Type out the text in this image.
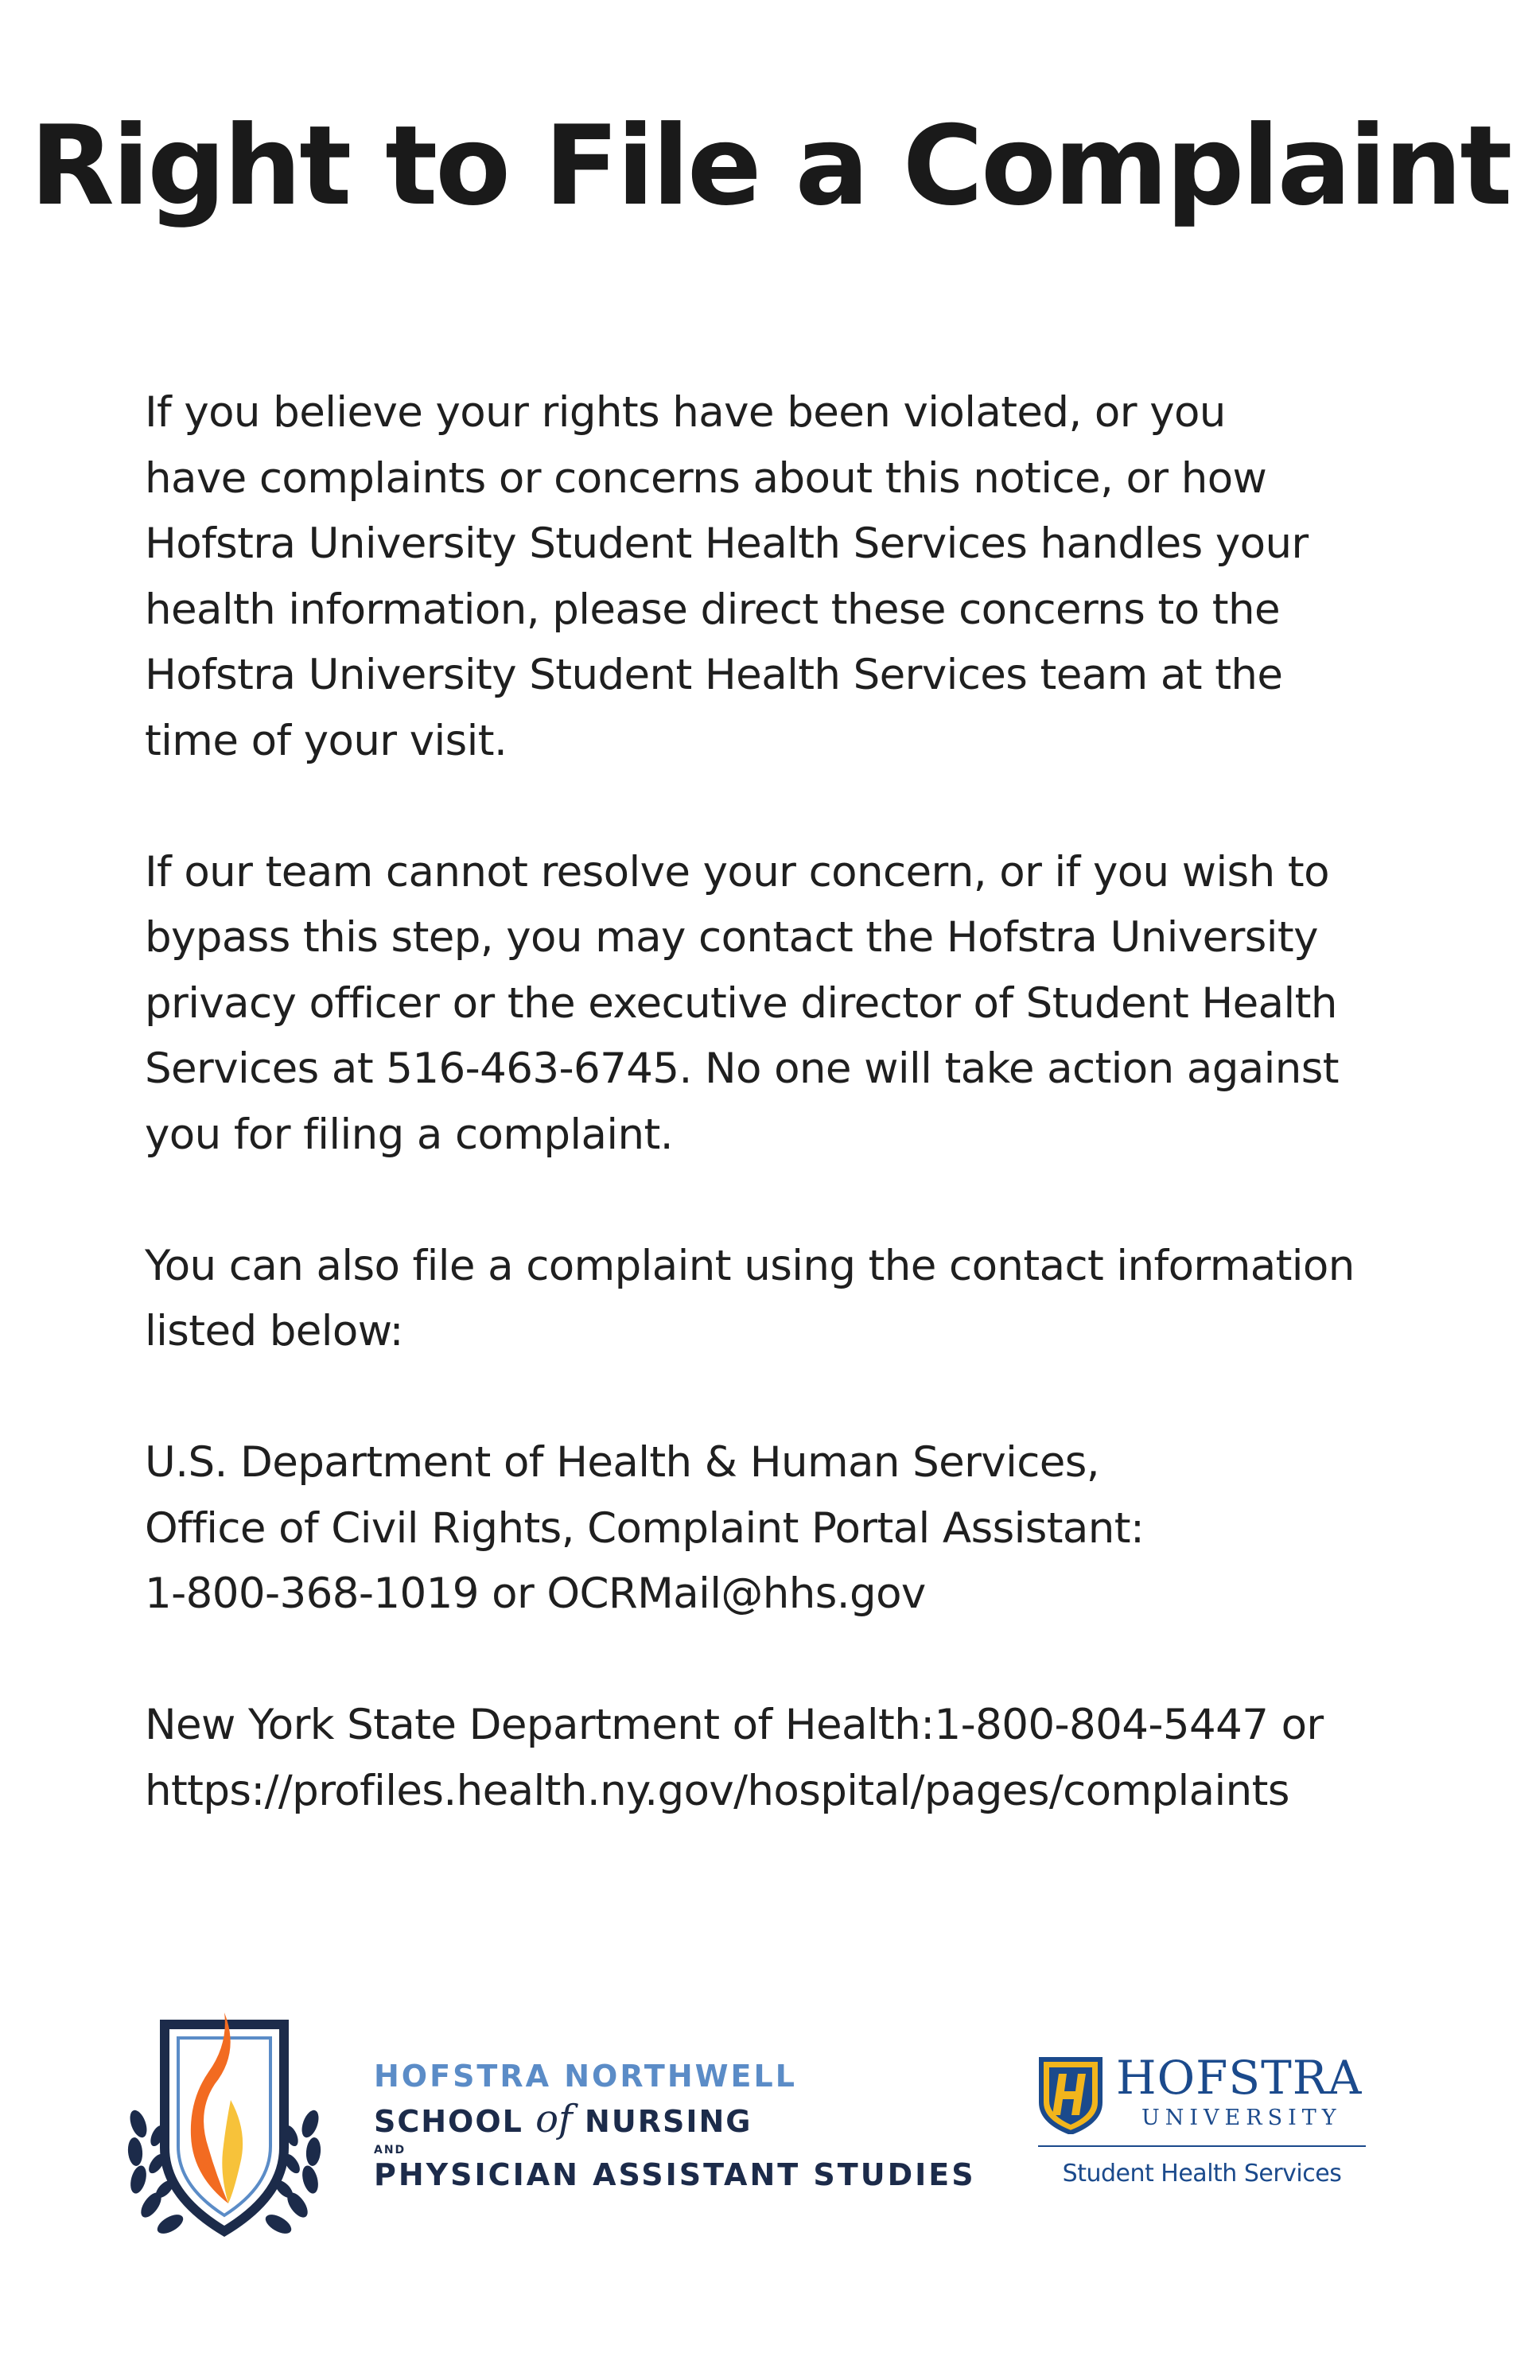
Right to File a Complaint
If you believe your rights have been violated, or you
have complaints or concerns about this notice, or how
Hofstra University Student Health Services handles your
health information, please direct these concerns to the
Hofstra University Student Health Services team at the
time of your visit.
If our team cannot resolve your concern, or if you wish to
bypass this step, you may contact the Hofstra University
privacy officer or the executive director of Student Health
Services at 516-463-6745. No one will take action against
you for filing a complaint.
You can also file a complaint using the contact information
listed below:
U.S. Department of Health & Human Services,
Office of Civil Rights, Complaint Portal Assistant:
1-800-368-1019 or OCRMail@hhs.gov
New York State Department of Health:1-800-804-5447 or
https://profiles.health.ny.gov/hospital/pages/complaints
HOFSTRA NORTHWELL
SCHOOL of NURSING
AND
PHYSICIAN ASSISTANT STUDIES
HOFSTRA
UNIVERSITY
Student Health Services
